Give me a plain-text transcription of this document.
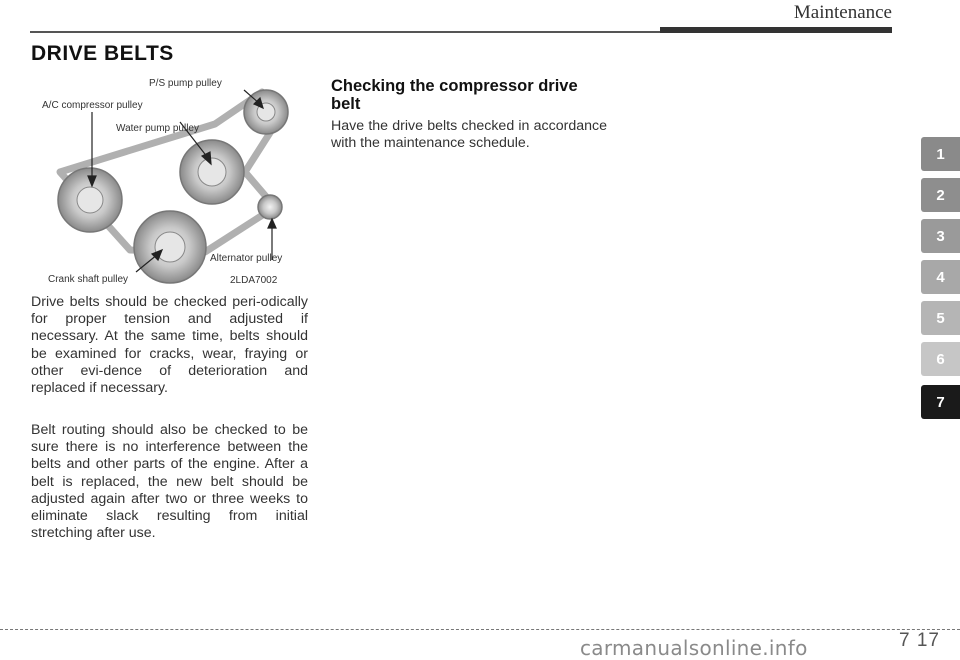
Maintenance
DRIVE BELTS
P/S pump pulley
A/C compressor pulley
Water pump pulley
Alternator pulley
Crank shaft pulley	2LDA7002

Drive belts should be checked peri-odically for proper tension and adjusted if necessary. At the same time, belts should be examined for cracks, wear, fraying or other evi-dence of deterioration and replaced if necessary.

Belt routing should also be checked to be sure there is no interference between the belts and other parts of the engine. After a belt is replaced, the new belt should be adjusted again after two or three weeks to eliminate slack resulting from initial stretching after use.

Checking the compressor drive belt

Have the drive belts checked in accordance with the maintenance schedule.

1
2
3
4
5
6
7
carmanualsonline.info	7 17
